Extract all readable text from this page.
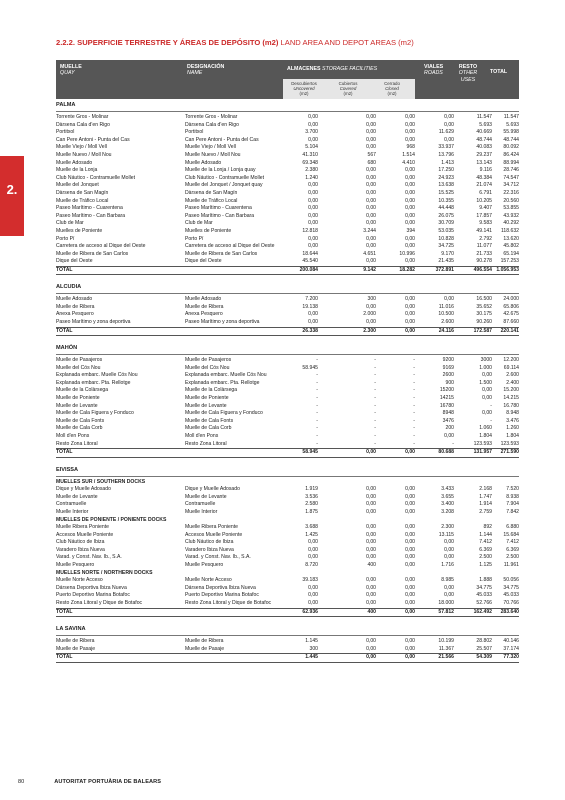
2.
2.2.2. SUPERFICIE TERRESTRE Y ÁREAS DE DEPÓSITO (m2) LAND AREA AND DEPOT AREAS (m2)
MUELLE
QUAY
DESIGNACIÓN
NAME
ALMACENES STORAGE FACILITIES	VIALES
ROADS
RESTO
OTHER USES
TOTAL
Descubiertos
Uncovered
(m2)
Cubiertos
Covered
(m2)
Cerrado
Closed
(m2)
PALMA
Torrente Gros - Molinar	Torrente Gros - Molinar	0,00	0,00	0,00	0,00	11.547	11.547
Dàrsena Cala d'en Rigo	Dàrsena Cala d'en Rigo	0,00	0,00	0,00	0,00	5.693	5.693
Portitxol	Portitxol	3.700	0,00	0,00	11.629	40.669	55.998
Can Pere Antoni - Punta del Cas	Can Pere Antoni - Punta del Cas	0,00	0,00	0,00	0,00	48.744	48.744
Muelle Viejo / Moll Vell	Muelle Viejo / Moll Vell	5.104	0,00	968	33.937	40.083	80.092
Muelle Nuevo / Moll Nou	Muelle Nuevo / Moll Nou	41.310	567	1.514	13.796	29.237	86.424
Muelle Adosado	Muelle Adosado	69.348	680	4.410	1.413	13.143	88.994
Muelle de la Lonja	Muelle de la Lonja / Lonja quay	2.380	0,00	0,00	17.250	9.116	28.746
Club Náutico - Contramuelle Mollet	Club Náutico - Contramuelle Mollet	1.240	0,00	0,00	24.923	48.384	74.547
Muelle del Jonquet	Muelle del Jonquet / Jonquet quay	0,00	0,00	0,00	13.638	21.074	34.712
Dàrsena de San Magín	Dàrsena de San Magín	0,00	0,00	0,00	15.525	6.791	22.316
Muelle de Tráfico Local	Muelle de Tráfico Local	0,00	0,00	0,00	10.355	10.205	20.560
Paseo Marítimo - Cuarentena	Paseo Marítimo - Cuarentena	0,00	0,00	0,00	44.448	9.407	53.855
Paseo Marítimo - Can Barbara	Paseo Marítimo - Can Barbara	0,00	0,00	0,00	26.075	17.857	43.932
Club de Mar	Club de Mar	0,00	0,00	0,00	30.709	9.583	40.292
Muelles de Poniente	Muelles de Poniente	12.818	3.244	394	53.035	49.141	118.632
Porto Pí	Porto Pí	0,00	0,00	0,00	10.828	2.792	13.620
Carretera de acceso al Dique del Oeste	Carretera de acceso al Dique del Oeste	0,00	0,00	0,00	34.725	11.077	45.802
Muelle de Ribera de San Carlos	Muelle de Ribera de San Carlos	18.644	4.651	10.996	9.170	21.733	65.194
Dique del Oeste	Dique del Oeste	45.540	0,00	0,00	21.435	90.278	157.253
TOTAL	200.084	9.142	18.282	372.891	496.554 1.056.953
ALCUDIA
Muelle Adosado	Muelle Adosado	7.200	300	0,00	0,00	16.500	24.000
Muelle de Ribera	Muelle de Ribera	19.138	0,00	0,00	11.016	35.652	65.806
Anexa Pesquero	Anexa Pesquero	0,00	2.000	0,00	10.500	30.175	42.675
Paseo Marítimo y zona deportiva	Paseo Marítimo y zona deportiva	0,00	0,00	0,00	2.600	90.260	87.660
TOTAL	26.338	2.300	0,00	24.116	172.587	220.141
MAHÓN
Muelle de Pasajeros	Muelle de Pasajeros	-	-	-	9200	3000	12.200
Muelle del Cós Nou	Muelle del Cós Nou	58.945	-	-	9169	1.000	69.114
Explanada embarc. Muelle Cós Nou	Explanada embarc. Muelle Cós Nou	-	-	-	2600	0,00	2.600
Explanada embarc. Pta. Rellotge	Explanada embarc. Pta. Rellotge	-	-	-	900	1.500	2.400
Muelle de la Colàrsega	Muelle de la Colàrsega	-	-	-	15200	0,00	15.200
Muelle de Poniente	Muelle de Poniente	-	-	-	14215	0,00	14.215
Muelle de Levante	Muelle de Levante	-	-	-	16780	-	16.780
Muelle de Cala Figuera y Fonduco	Muelle de Cala Figuera y Fonduco	-	-	-	8948	0,00	8.948
Muelle de Cala Fonts	Muelle de Cala Fonts	-	-	-	3476	-	3.476
Muelle de Cala Corb	Muelle de Cala Corb	-	-	-	200	1.060	1.260
Moll d'en Pons	Moll d'en Pons	-	-	-	0,00	1.804	1.804
Resto Zona Litoral	Resto Zona Litoral	-	-	-	-	123.593	123.593
TOTAL	58.945	0,00	0,00	80.688	131.957	271.590
EIVISSA
MUELLES SUR / SOUTHERN DOCKS
Dique y Muelle Adosado	Dique y Muelle Adosado	1.919	0,00	0,00	3.433	2.168	7.520
Muelle de Levante	Muelle de Levante	3.536	0,00	0,00	3.655	1.747	8.938
Contramuelle	Contramuelle	2.580	0,00	0,00	3.400	1.914	7.904
Muelle Interior	Muelle Interior	1.875	0,00	0,00	3.208	2.759	7.842
MUELLES DE PONIENTE / PONIENTE DOCKS
Muelle Ribera Poniente	Muelle Ribera Poniente	3.688	0,00	0,00	2.300	892	6.880
Accesos Muelle Poniente	Accesos Muelle Poniente	1.425	0,00	0,00	13.115	1.144	15.684
Club Náutico de Ibiza	Club Náutico de Ibiza	0,00	0,00	0,00	0,00	7.412	7.412
Varadero Ibiza Nueva	Varadero Ibiza Nueva	0,00	0,00	0,00	0,00	6.369	6.369
Varad. y Const. Nav. Ib., S.A.	Varad. y Const. Nav. Ib., S.A.	0,00	0,00	0,00	0,00	2.500	2.500
Muelle Pesquero	Muelle Pesquero	8.720	400	0,00	1.716	1.125	11.961
MUELLES NORTE / NORTHERN DOCKS
Muelle Norte Acceso	Muelle Norte Acceso	39.183	0,00	0,00	8.985	1.888	50.056
Dársena Deportiva Ibiza Nueva	Dársena Deportiva Ibiza Nueva	0,00	0,00	0,00	0,00	34.775	34.775
Puerto Deportivo Marina Botafoc	Puerto Deportivo Marina Botafoc	0,00	0,00	0,00	0,00	45.033	45.033
Resto Zona Litoral y Dique de Botafoc	Resto Zona Litoral y Dique de Botafoc	0,00	0,00	0,00	18.000	52.766	70.766
TOTAL	62.936	400	0,00	57.812	162.492	283.640
LA SAVINA
Muelle de Ribera	Muelle de Ribera	1.145	0,00	0,00	10.199	28.802	40.146
Muelle de Pasaje	Muelle de Pasaje	300	0,00	0,00	11.367	25.507	37.174
TOTAL	1.445	0,00	0,00	21.566	54.309	77.320
80	AUTORITAT PORTUÀRIA DE BALEARS
